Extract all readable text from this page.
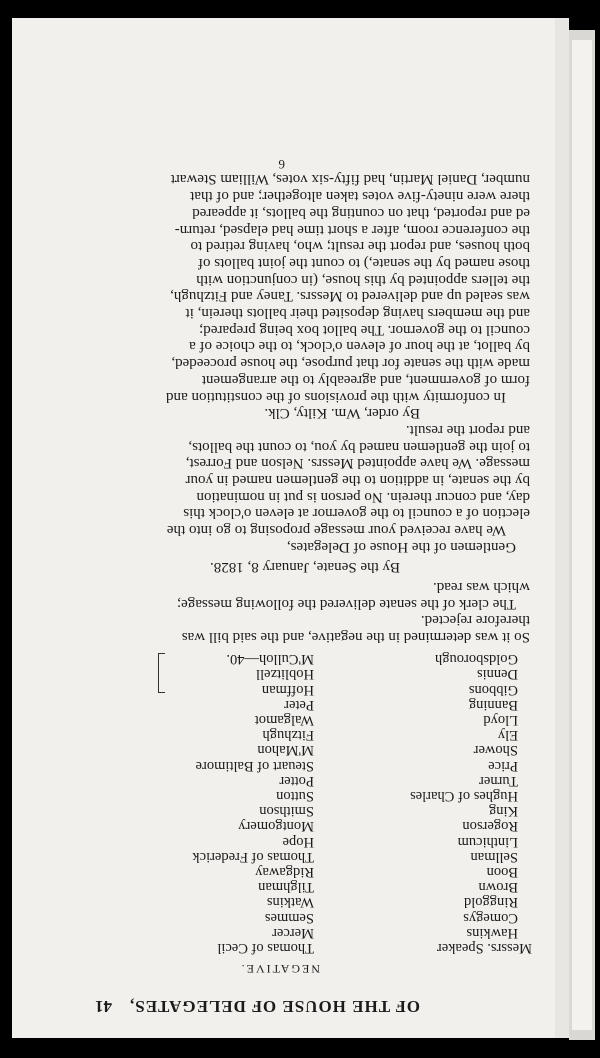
OF THE HOUSE OF DELEGATES,
41
NEGATIVE.
Messrs. Speaker
Hawkins
Comegys
Ringgold
Brown
Boon
Sellman
Linthicum
Rogerson
King
Hughes of Charles
Turner
Price
Shower
Ely
Lloyd
Banning
Gibbons
Dennis
Goldsborough
Thomas of Cecil
Mercer
Semmes
Watkins
Tilghman
Ridgaway
Thomas of Frederick
Hope
Montgomery
Smithson
Sutton
Potter
Steuart of Baltimore
M'Mahon
Fitzhugh
Walgamot
Peter
Hoffman
Hoblitzell
M'Culloh—40.
So it was determined in the negative, and the said bill was
therefore rejected.
The clerk of the senate delivered the following message;
which was read.
By the Senate, January 8, 1828.
Gentlemen of the House of Delegates,
We have received your message proposing to go into the
election of a council to the governor at eleven o'clock this
day, and concur therein. No person is put in nomination
by the senate, in addition to the gentlemen named in your
message. We have appointed Messrs. Nelson and Forrest,
to join the gentlemen named by you, to count the ballots,
and report the result.
By order, Wm. Kilty, Clk.
In conformity with the provisions of the constitution and
form of government, and agreeably to the arrangement
made with the senate for that purpose, the house proceeded,
by ballot, at the hour of eleven o'clock, to the choice of a
council to the governor. The ballot box being prepared;
and the members having deposited their ballots therein, it
was sealed up and delivered to Messrs. Taney and Fitzhugh,
the tellers appointed by this house, (in conjunction with
those named by the senate,) to count the joint ballots of
both houses, and report the result; who, having retired to
the conference room, after a short time had elapsed, return-
ed and reported, that on counting the ballots, it appeared
there were ninety-five votes taken altogether; and of that
number, Daniel Martin, had fifty-six votes, William Stewart
6
